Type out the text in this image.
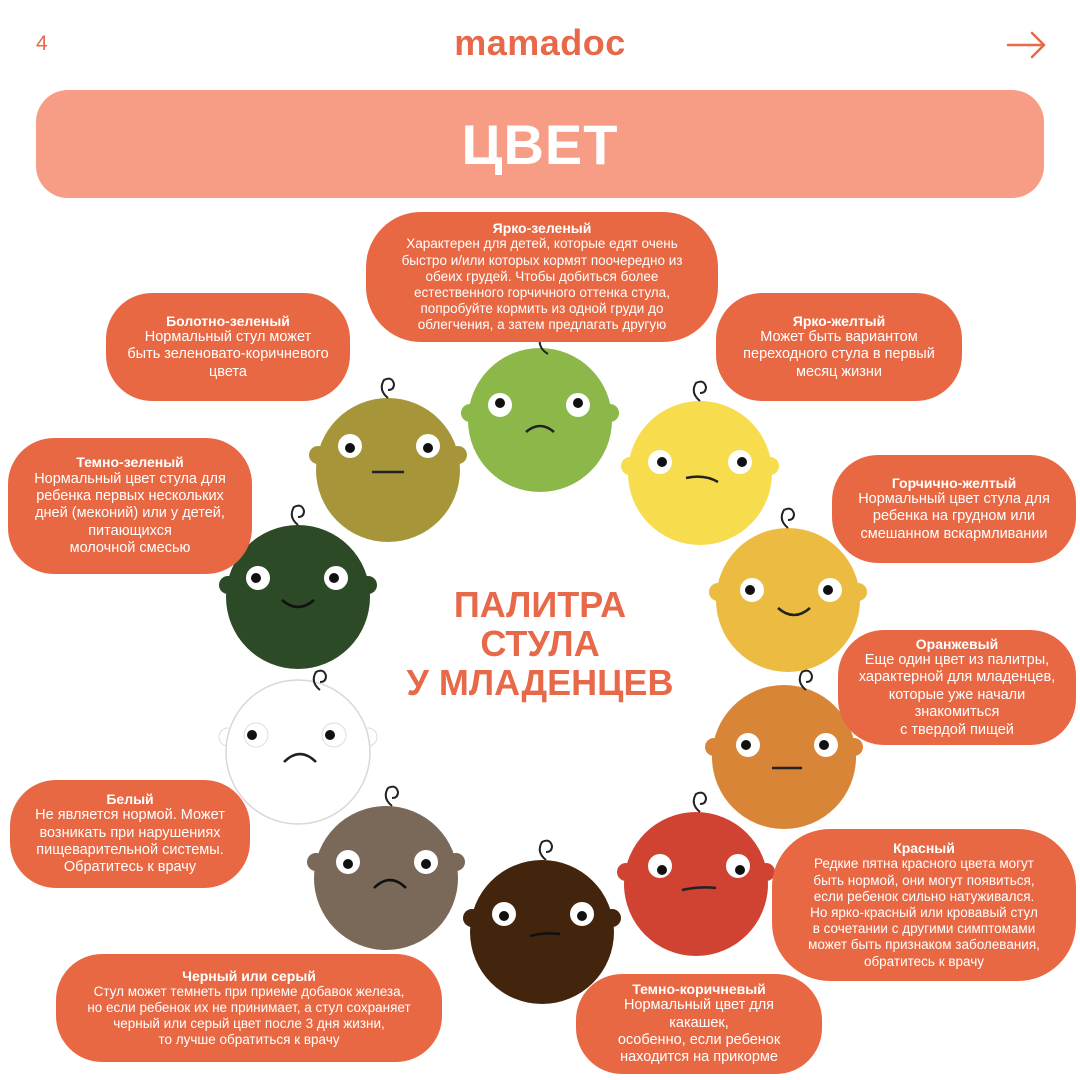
4	mamadoc
ЦВЕТ
ПАЛИТРА
СТУЛА
У МЛАДЕНЦЕВ
Ярко-зеленый
Характерен для детей, которые едят очень
быстро и/или которых кормят поочередно из
обеих грудей. Чтобы добиться более
естественного горчичного оттенка стула,
попробуйте кормить из одной груди до
облегчения, а затем предлагать другую
Болотно-зеленый
Нормальный стул может
быть зеленовато-коричневого
цвета
Ярко-желтый
Может быть вариантом
переходного стула в первый
месяц жизни
Темно-зеленый
Нормальный цвет стула для
ребенка первых нескольких
дней (меконий) или у детей,
питающихся
молочной смесью
Горчично-желтый
Нормальный цвет стула для
ребенка на грудном или
смешанном вскармливании
Оранжевый
Еще один цвет из палитры,
характерной для младенцев,
которые уже начали
знакомиться
с твердой пищей
Белый
Не является нормой. Может
возникать при нарушениях
пищеварительной системы.
Обратитесь к врачу
Красный
Редкие пятна красного цвета могут
быть нормой, они могут появиться,
если ребенок сильно натуживался.
Но ярко-красный или кровавый стул
в сочетании с другими симптомами
может быть признаком заболевания,
обратитесь к врачу
Черный или серый
Стул может темнеть при приеме добавок железа,
но если ребенок их не принимает, а стул сохраняет
черный или серый цвет после 3 дня жизни,
то лучше обратиться к врачу
Темно-коричневый
Нормальный цвет для какашек,
особенно, если ребенок
находится на прикорме
